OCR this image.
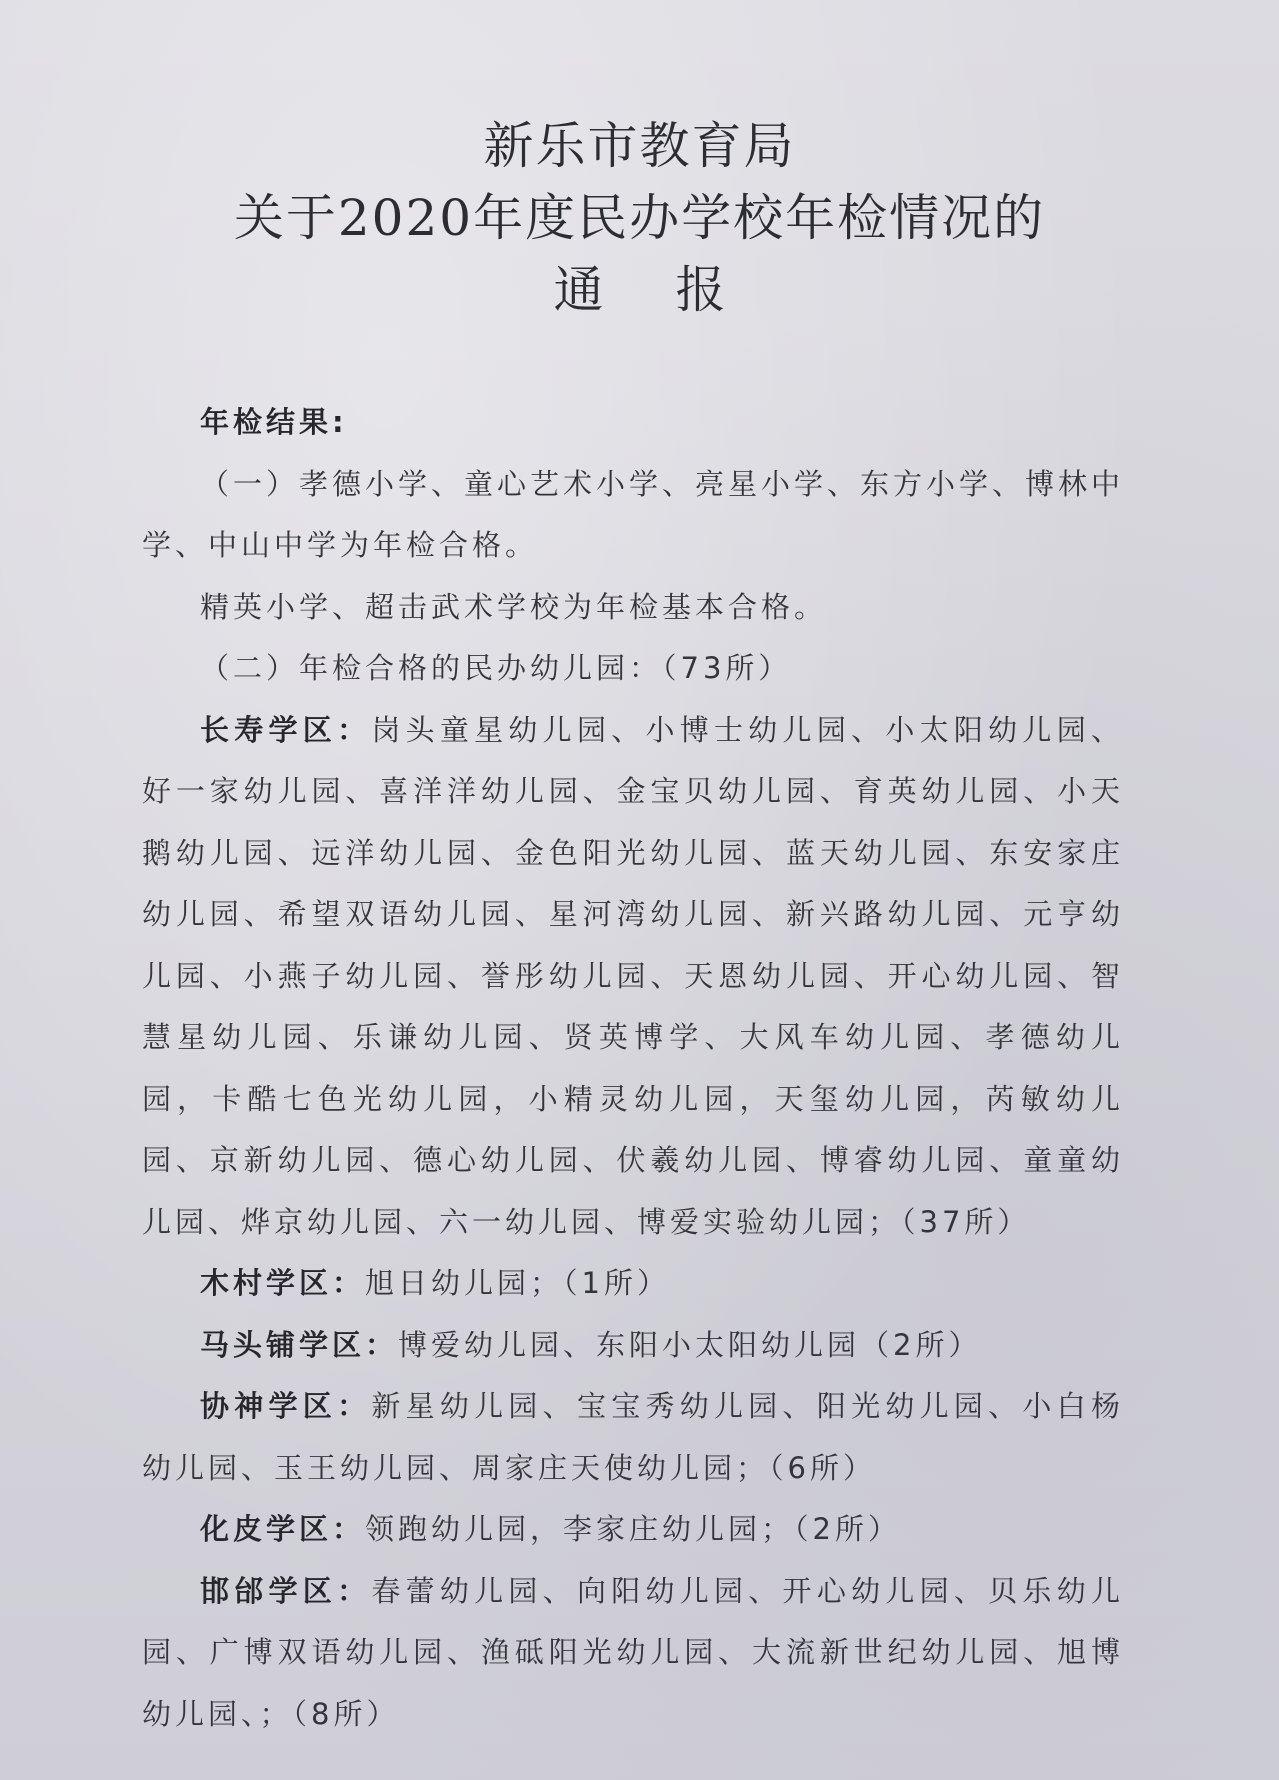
新乐市教育局
关于2020年度民办学校年检情况的
通 报

年检结果:

（一）孝德小学、童心艺术小学、亮星小学、东方小学、博林中学、中山中学为年检合格。

精英小学、超击武术学校为年检基本合格。

（二）年检合格的民办幼儿园：（73所）

长寿学区：岗头童星幼儿园、小博士幼儿园、小太阳幼儿园、好一家幼儿园、喜洋洋幼儿园、金宝贝幼儿园、育英幼儿园、小天鹅幼儿园、远洋幼儿园、金色阳光幼儿园、蓝天幼儿园、东安家庄幼儿园、希望双语幼儿园、星河湾幼儿园、新兴路幼儿园、元亨幼儿园、小燕子幼儿园、誉彤幼儿园、天恩幼儿园、开心幼儿园、智慧星幼儿园、乐谦幼儿园、贤英博学、大风车幼儿园、孝德幼儿园，卡酷七色光幼儿园，小精灵幼儿园，天玺幼儿园，芮敏幼儿园、京新幼儿园、德心幼儿园、伏羲幼儿园、博睿幼儿园、童童幼儿园、烨京幼儿园、六一幼儿园、博爱实验幼儿园；（37所）

木村学区：旭日幼儿园；（1所）

马头铺学区：博爱幼儿园、东阳小太阳幼儿园（2所）

协神学区：新星幼儿园、宝宝秀幼儿园、阳光幼儿园、小白杨幼儿园、玉王幼儿园、周家庄天使幼儿园；（6所）

化皮学区：领跑幼儿园，李家庄幼儿园；（2所）

邯邰学区：春蕾幼儿园、向阳幼儿园、开心幼儿园、贝乐幼儿园、广博双语幼儿园、渔砥阳光幼儿园、大流新世纪幼儿园、旭博幼儿园、；（8所）
